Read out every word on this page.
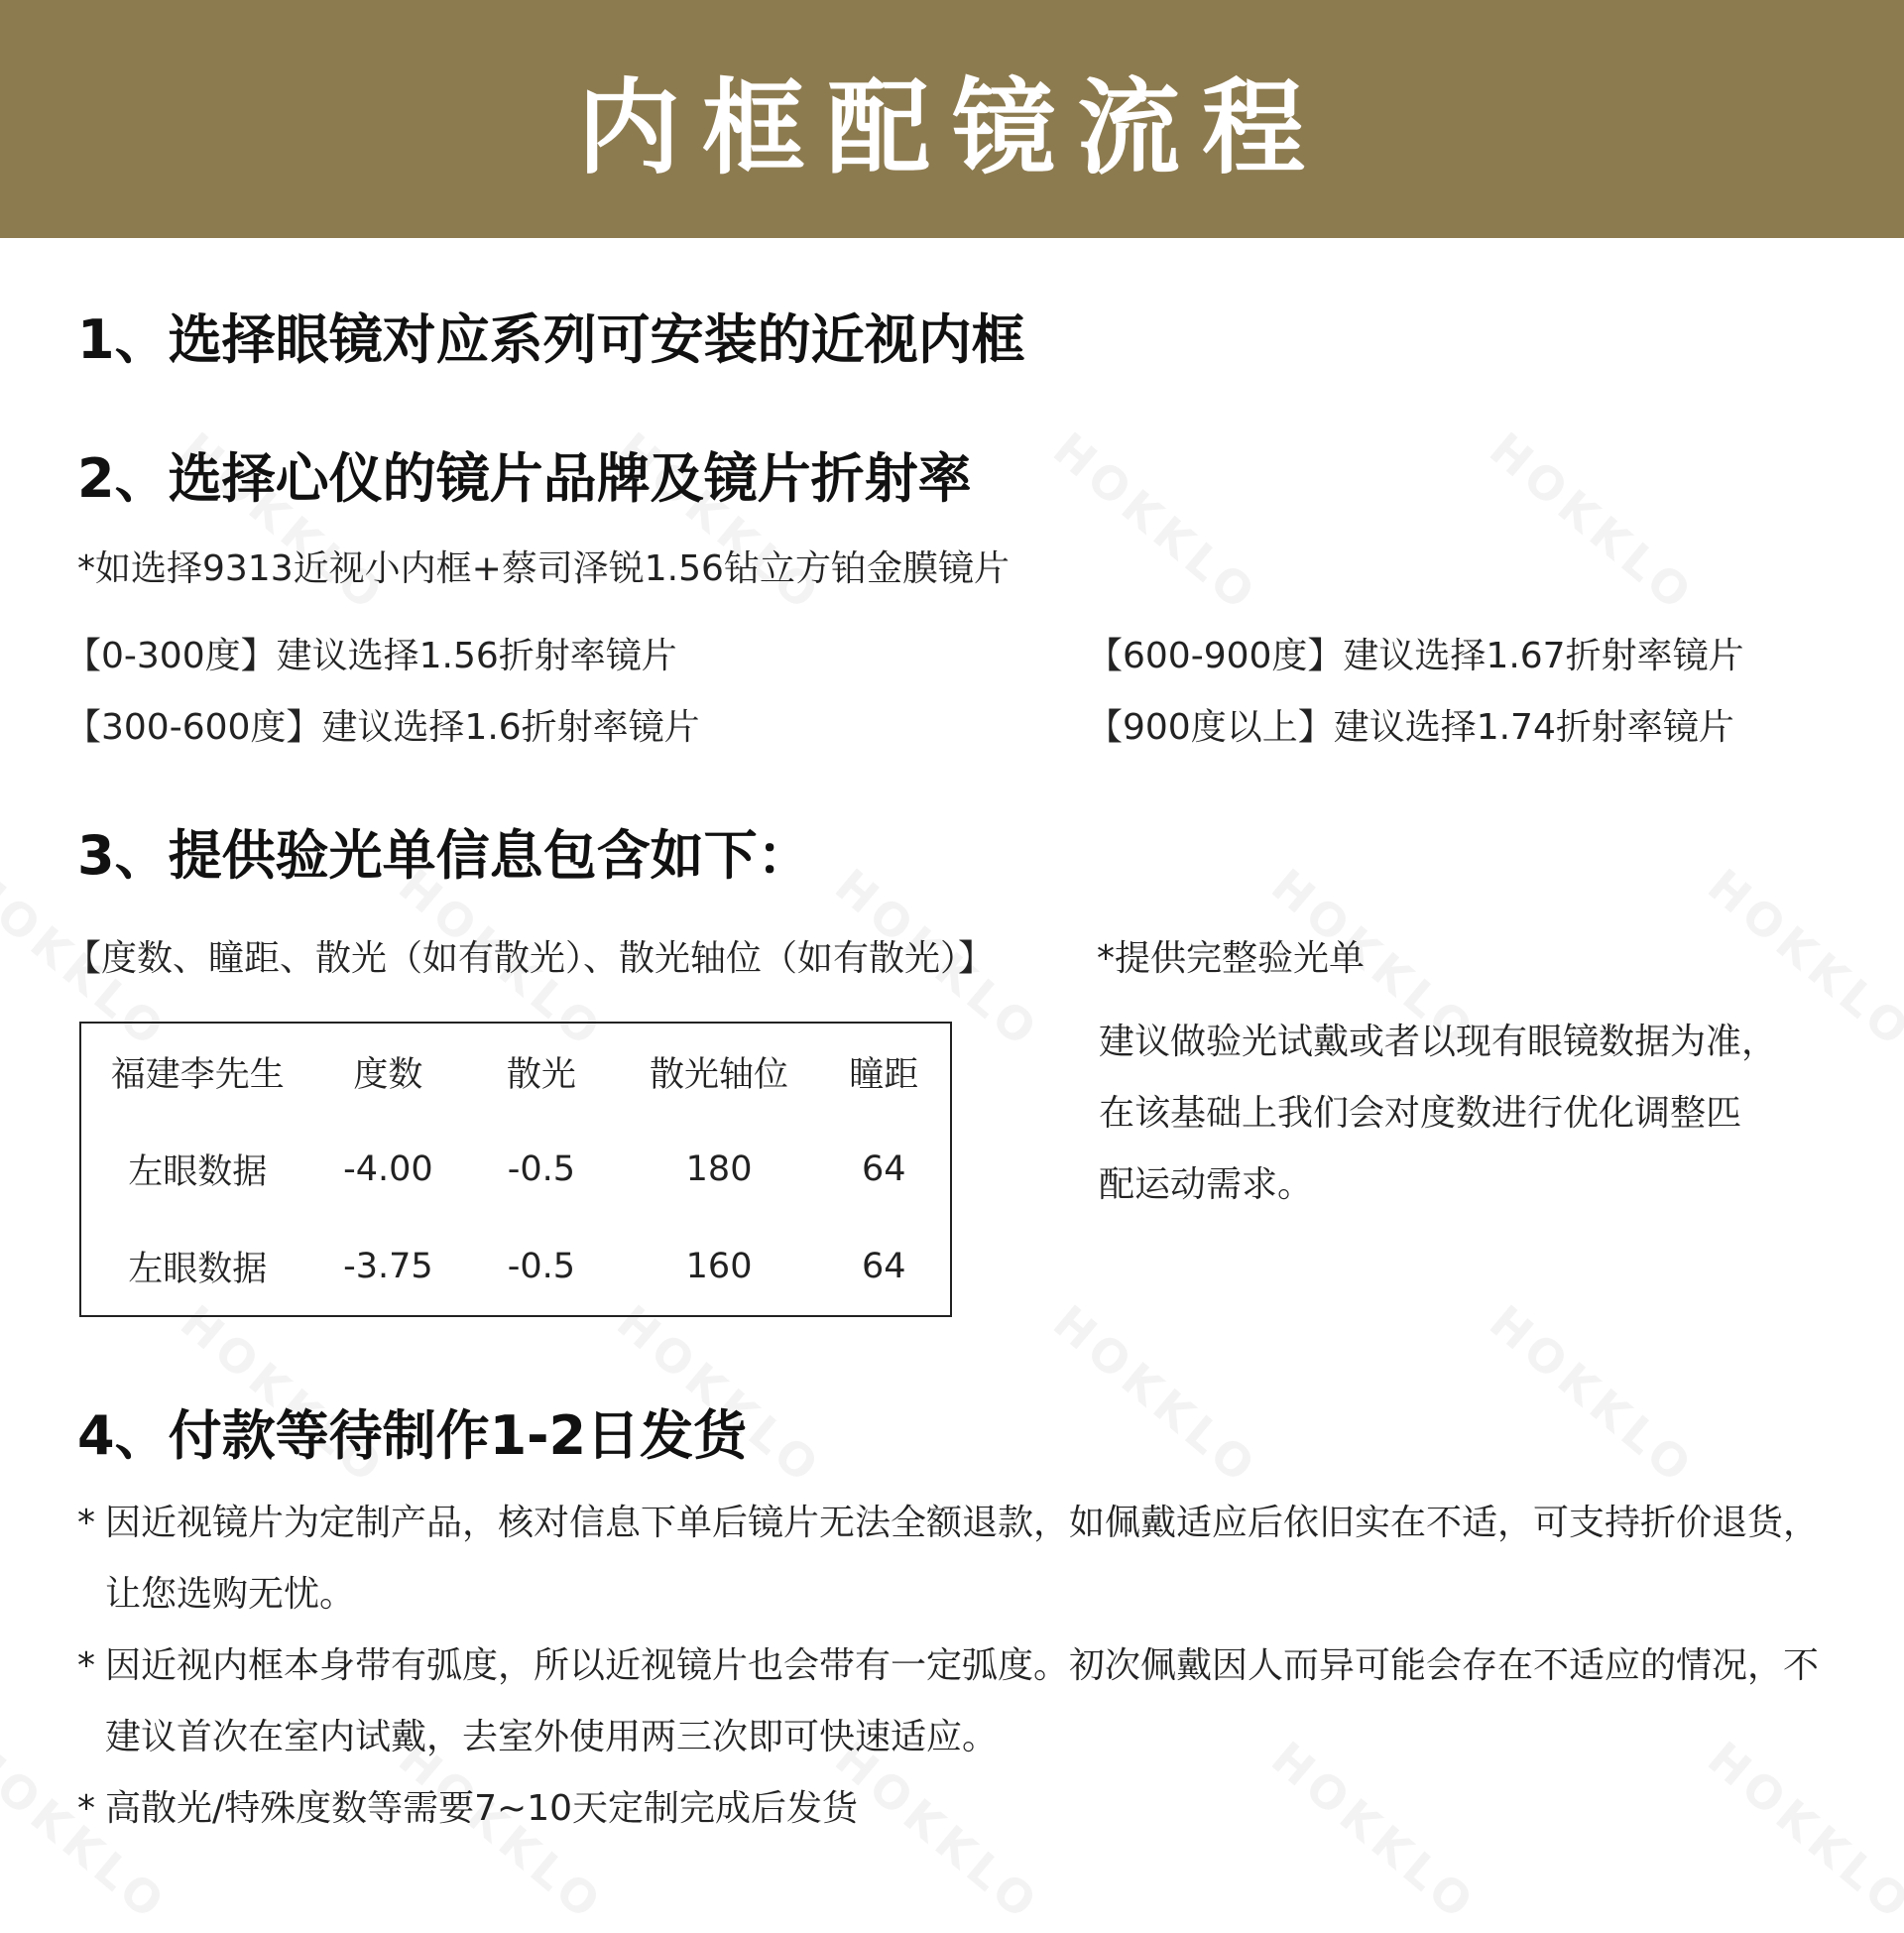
内框配镜流程
1、选择眼镜对应系列可安装的近视内框
2、选择心仪的镜片品牌及镜片折射率
*如选择9313近视小内框+蔡司泽锐1.56钻立方铂金膜镜片
【0-300度】建议选择1.56折射率镜片
【300-600度】建议选择1.6折射率镜片
【600-900度】建议选择1.67折射率镜片
【900度以上】建议选择1.74折射率镜片
3、提供验光单信息包含如下：
【度数、瞳距、散光（如有散光）、散光轴位（如有散光）】	*提供完整验光单
福建李先生	度数	散光	散光轴位	瞳距
左眼数据	-4.00	-0.5	180	64
左眼数据	-3.75	-0.5	160	64
建议做验光试戴或者以现有眼镜数据为准，
在该基础上我们会对度数进行优化调整匹
配运动需求。
4、付款等待制作1-2日发货
* 因近视镜片为定制产品，核对信息下单后镜片无法全额退款，如佩戴适应后依旧实在不适，可支持折价退货，让您选购无忧。
* 因近视内框本身带有弧度，所以近视镜片也会带有一定弧度。初次佩戴因人而异可能会存在不适应的情况，不建议首次在室内试戴，去室外使用两三次即可快速适应。
* 高散光/特殊度数等需要7~10天定制完成后发货
